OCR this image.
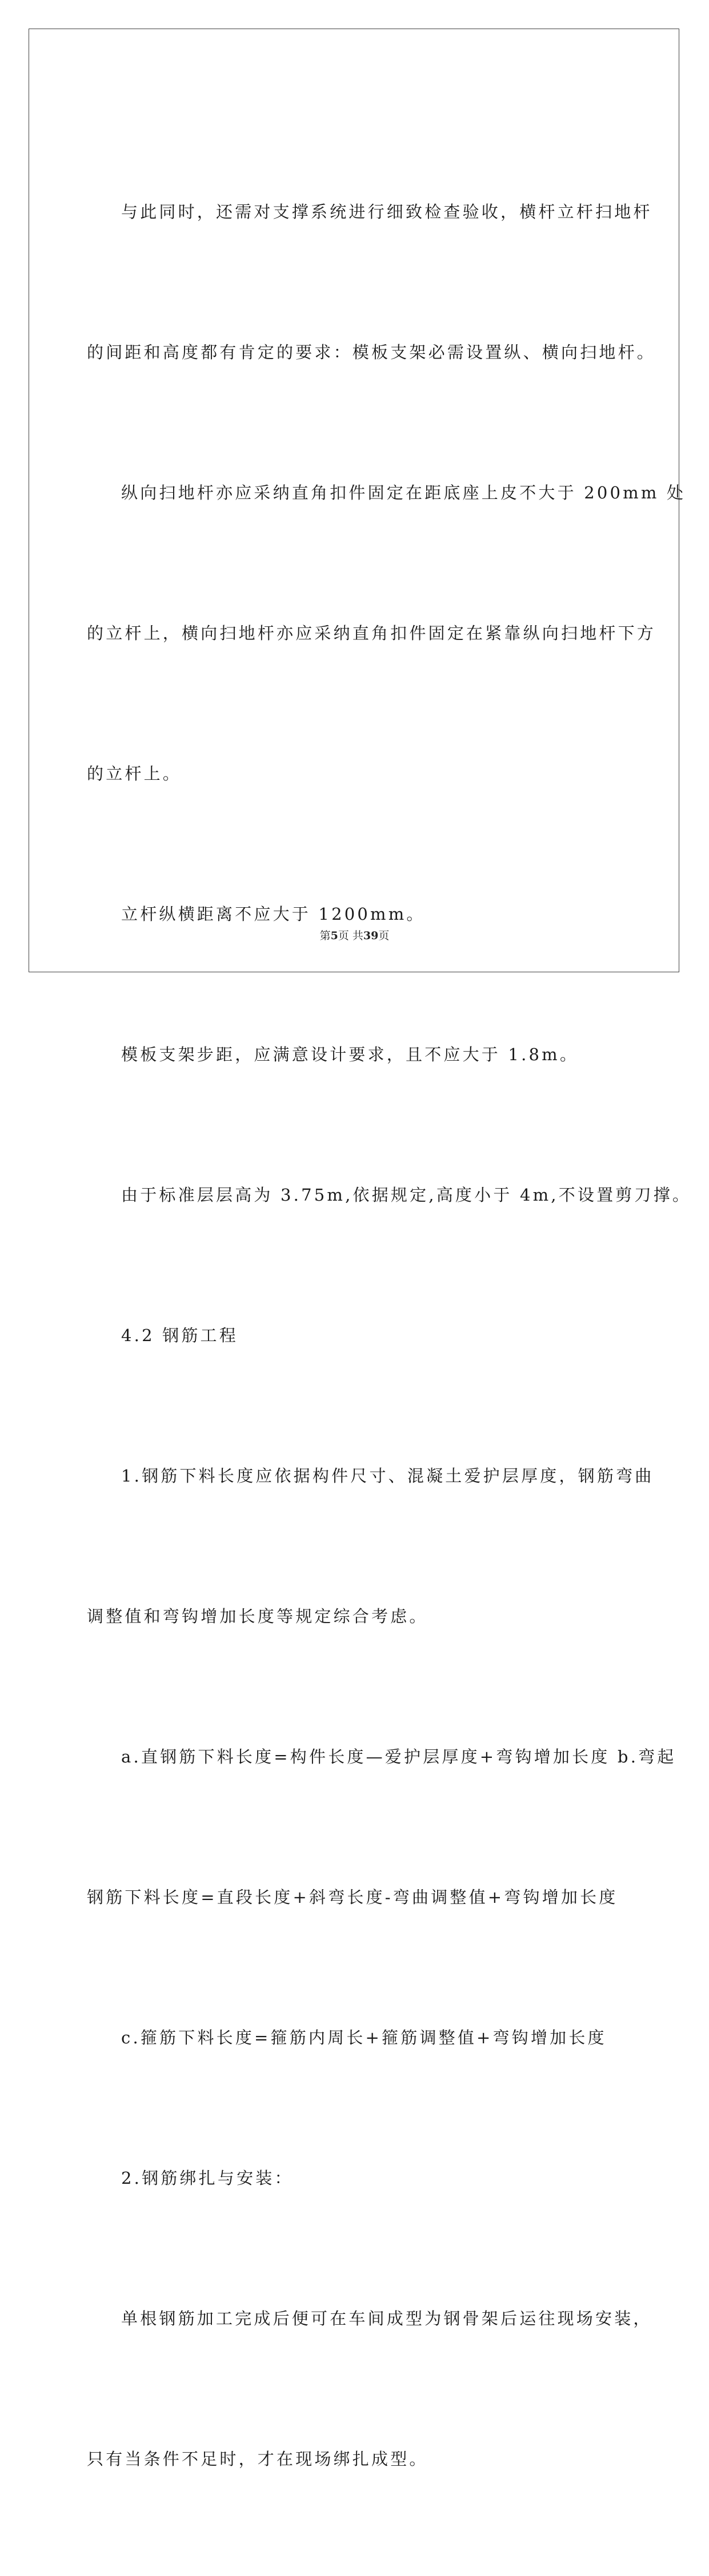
与此同时，还需对支撑系统进行细致检查验收，横杆立杆扫地杆

的间距和高度都有肯定的要求：模板支架必需设置纵、横向扫地杆。

纵向扫地杆亦应采纳直角扣件固定在距底座上皮不大于 200mm 处

的立杆上，横向扫地杆亦应采纳直角扣件固定在紧靠纵向扫地杆下方

的立杆上。

立杆纵横距离不应大于 1200mm。

模板支架步距，应满意设计要求，且不应大于 1.8m。

由于标准层层高为 3.75m,依据规定,高度小于 4m,不设置剪刀撑。

4.2 钢筋工程

1.钢筋下料长度应依据构件尺寸、混凝土爱护层厚度，钢筋弯曲

调整值和弯钩增加长度等规定综合考虑。

a.直钢筋下料长度=构件长度—爱护层厚度+弯钩增加长度 b.弯起

钢筋下料长度=直段长度+斜弯长度-弯曲调整值+弯钩增加长度

c.箍筋下料长度=箍筋内周长+箍筋调整值+弯钩增加长度

2.钢筋绑扎与安装：

单根钢筋加工完成后便可在车间成型为钢骨架后运往现场安装，

只有当条件不足时，才在现场绑扎成型。

第5页 共39页
